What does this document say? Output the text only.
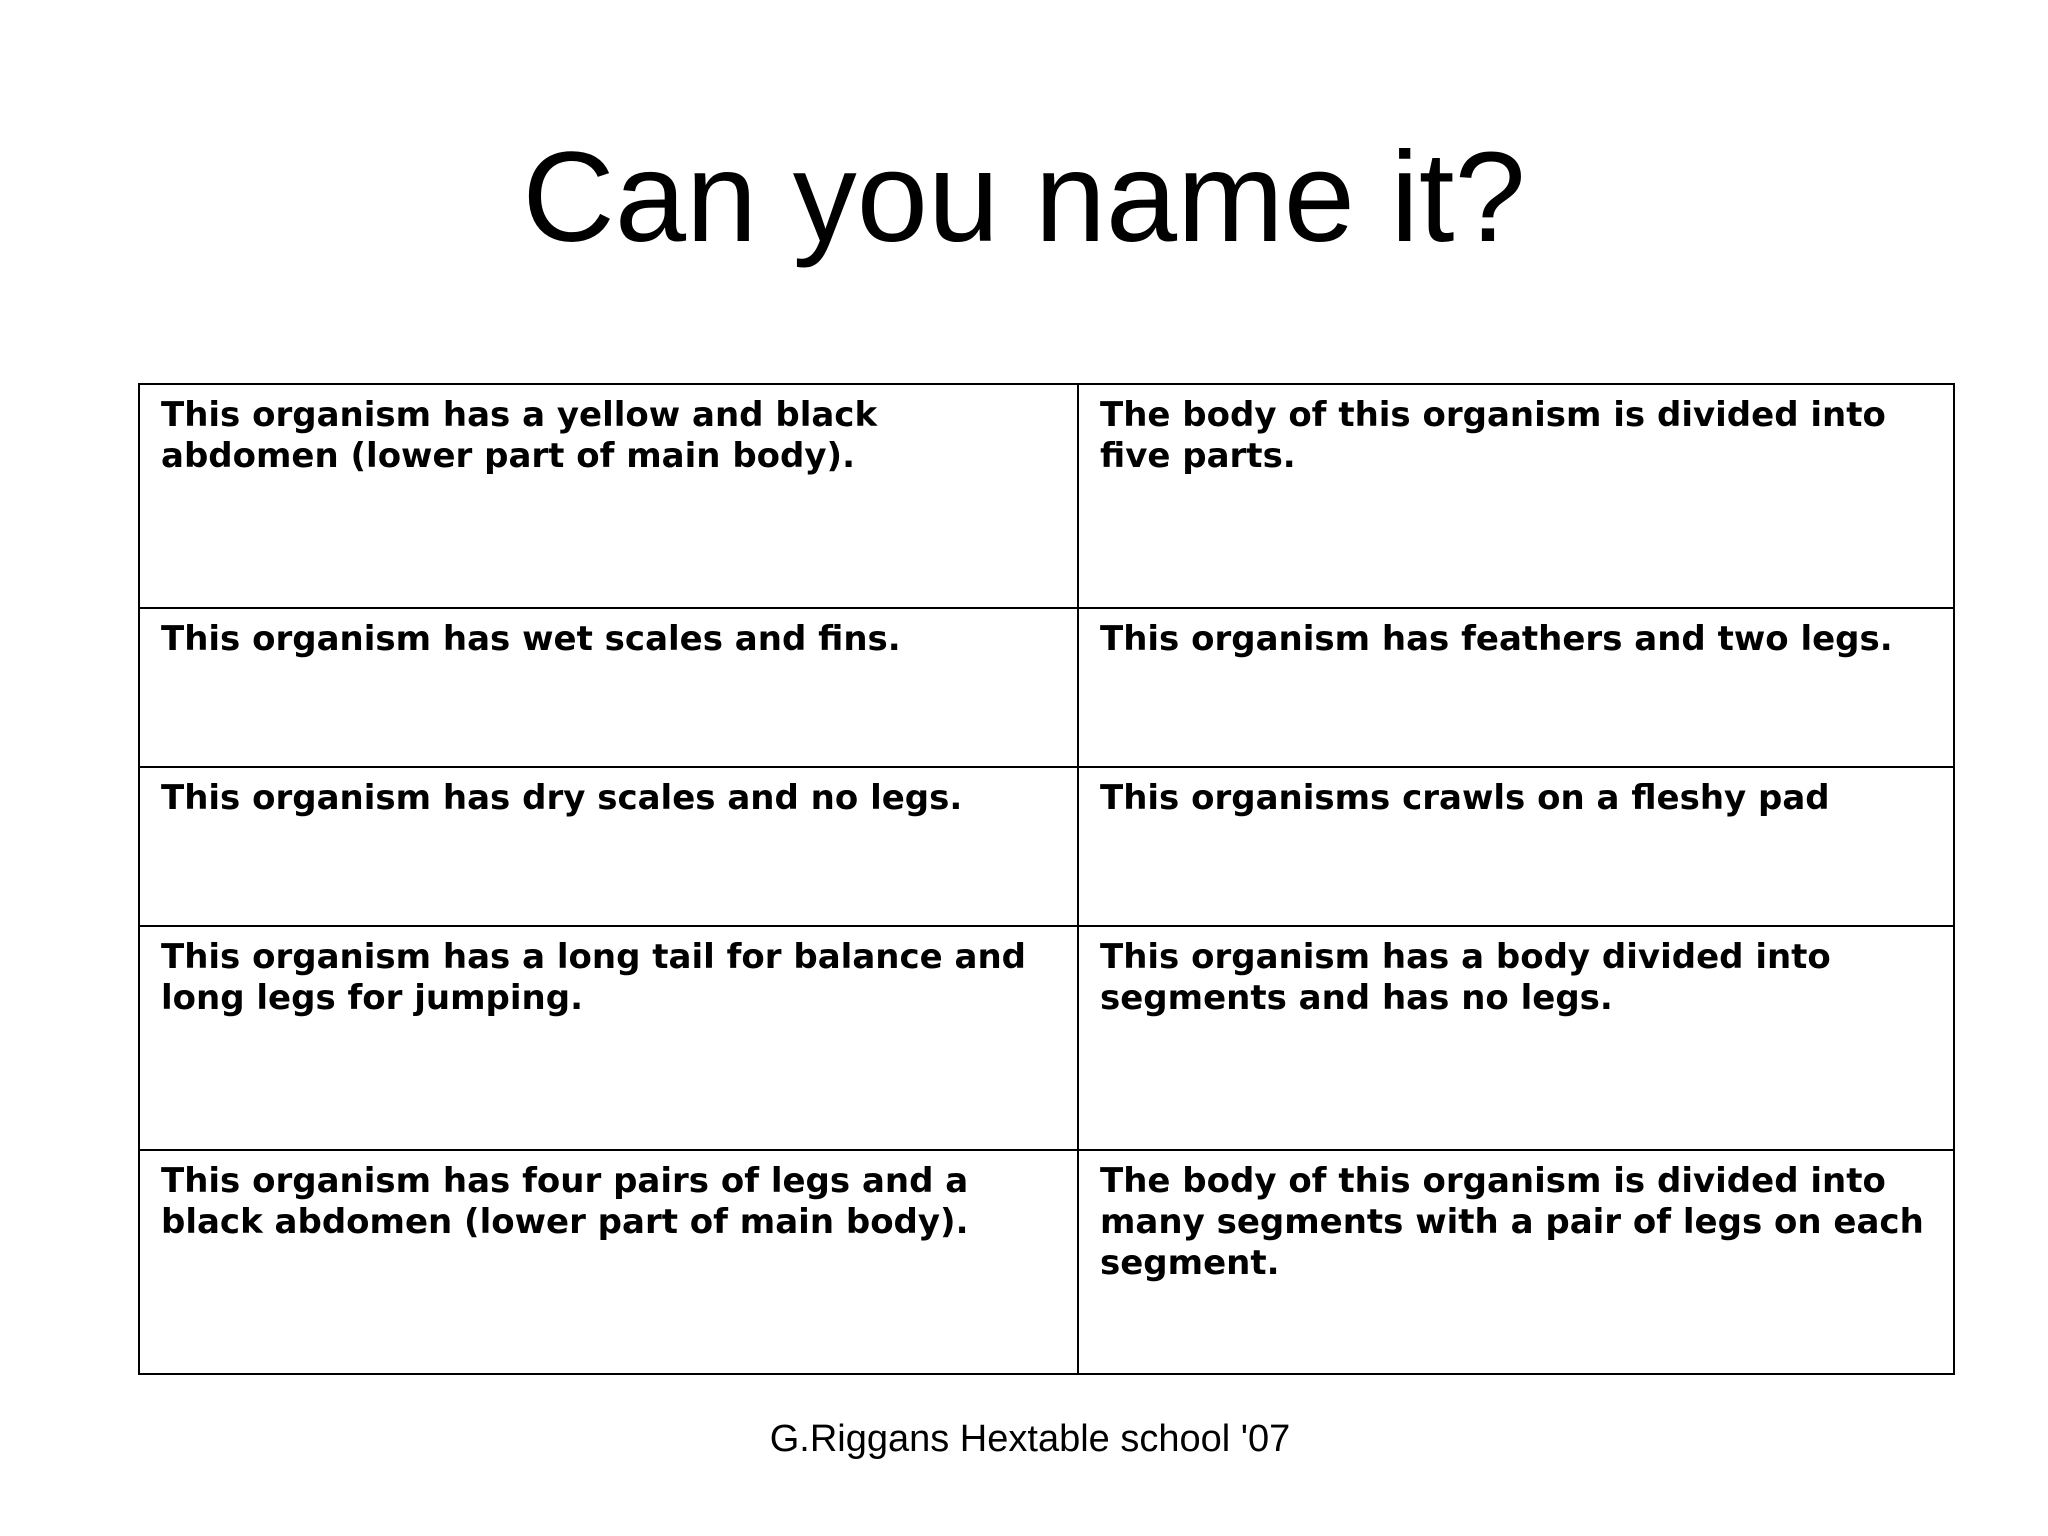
Can you name it?
This organism has a yellow and black abdomen (lower part of main body).	The body of this organism is divided into five parts.
This organism has wet scales and fins.	This organism has feathers and two legs.
This organism has dry scales and no legs.	This organisms crawls on a fleshy pad
This organism has a long tail for balance and long legs for jumping.	This organism has a body divided into segments and has no legs.
This organism has four pairs of legs and a black abdomen (lower part of main body).	The body of this organism is divided into many segments with a pair of legs on each segment.
G.Riggans Hextable school '07
